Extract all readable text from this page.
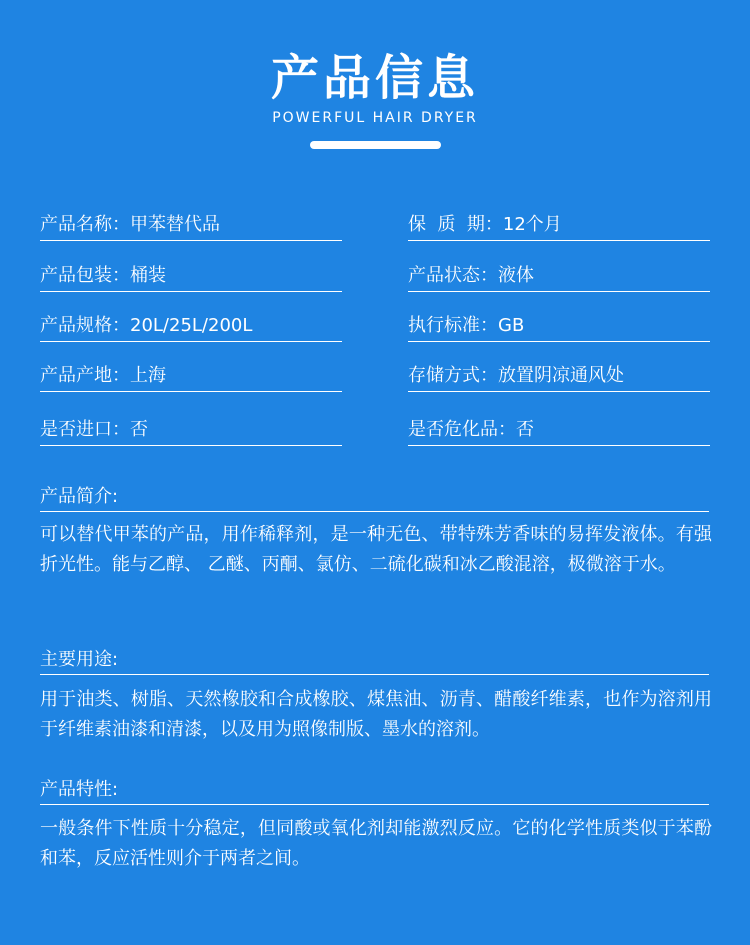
产品信息
POWERFUL HAIR DRYER
产品名称：甲苯替代品	保  质  期：12个月
产品包装：桶装	产品状态：液体
产品规格：20L/25L/200L	执行标准：GB
产品产地：上海	存储方式：放置阴凉通风处
是否进口：否	是否危化品：否
产品简介:
可以替代甲苯的产品，用作稀释剂，是一种无色、带特殊芳香味的易挥发液体。有强折光性。能与乙醇、 乙醚、丙酮、氯仿、二硫化碳和冰乙酸混溶，极微溶于水。
主要用途:
用于油类、树脂、天然橡胶和合成橡胶、煤焦油、沥青、醋酸纤维素，也作为溶剂用于纤维素油漆和清漆，以及用为照像制版、墨水的溶剂。
产品特性:
一般条件下性质十分稳定，但同酸或氧化剂却能激烈反应。它的化学性质类似于苯酚和苯，反应活性则介于两者之间。
